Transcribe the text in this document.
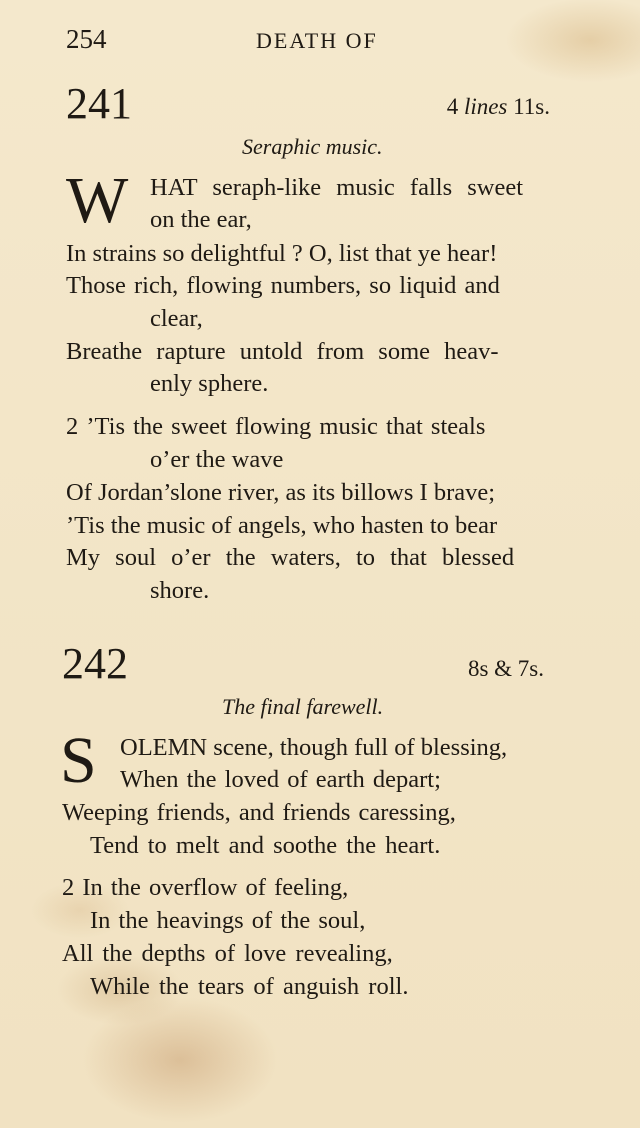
254	DEATH OF
241	4 lines 11s.
Seraphic music.
W HAT seraph-like music falls sweet
on the ear,
In strains so delightful ? O, list that ye hear!
Those rich, flowing numbers, so liquid and
clear,
Breathe rapture untold from some heav-
enly sphere.
2 ’Tis the sweet flowing music that steals
o’er the wave
Of Jordan’slone river, as its billows I brave;
’Tis the music of angels, who hasten to bear
My soul o’er the waters, to that blessed
shore.
242	8s & 7s.
The final farewell.
S OLEMN scene, though full of blessing,
When the loved of earth depart;
Weeping friends, and friends caressing,
Tend to melt and soothe the heart.
2 In the overflow of feeling,
In the heavings of the soul,
All the depths of love revealing,
While the tears of anguish roll.
